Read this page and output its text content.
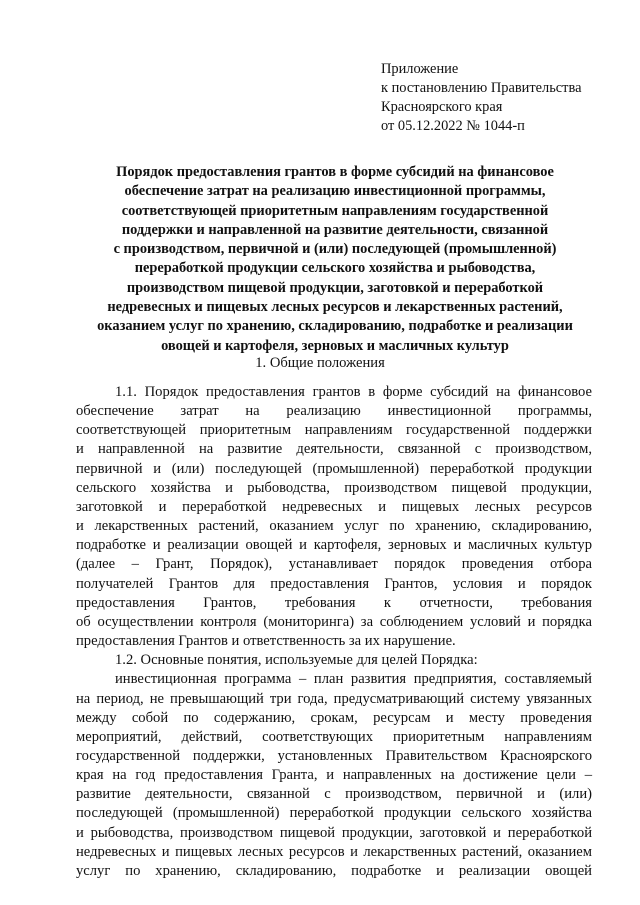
Приложение
к постановлению Правительства
Красноярского края
от 05.12.2022 № 1044-п
Порядок предоставления грантов в форме субсидий на финансовое
обеспечение затрат на реализацию инвестиционной программы,
соответствующей приоритетным направлениям государственной
поддержки и направленной на развитие деятельности, связанной
с производством, первичной и (или) последующей (промышленной)
переработкой продукции сельского хозяйства и рыбоводства,
производством пищевой продукции, заготовкой и переработкой
недревесных и пищевых лесных ресурсов и лекарственных растений,
оказанием услуг по хранению, складированию, подработке и реализации
овощей и картофеля, зерновых и масличных культур
1. Общие положения
1.1. Порядок предоставления грантов в форме субсидий на финансовое
обеспечение затрат на реализацию инвестиционной программы,
соответствующей приоритетным направлениям государственной поддержки
и направленной на развитие деятельности, связанной с производством,
первичной и (или) последующей (промышленной) переработкой продукции
сельского хозяйства и рыбоводства, производством пищевой продукции,
заготовкой и переработкой недревесных и пищевых лесных ресурсов
и лекарственных растений, оказанием услуг по хранению, складированию,
подработке и реализации овощей и картофеля, зерновых и масличных культур
(далее – Грант, Порядок), устанавливает порядок проведения отбора
получателей Грантов для предоставления Грантов, условия и порядок
предоставления Грантов, требования к отчетности, требования
об осуществлении контроля (мониторинга) за соблюдением условий и порядка
предоставления Грантов и ответственность за их нарушение.
1.2. Основные понятия, используемые для целей Порядка:
инвестиционная программа – план развития предприятия, составляемый
на период, не превышающий три года, предусматривающий систему увязанных
между собой по содержанию, срокам, ресурсам и месту проведения
мероприятий, действий, соответствующих приоритетным направлениям
государственной поддержки, установленных Правительством Красноярского
края на год предоставления Гранта, и направленных на достижение цели –
развитие деятельности, связанной с производством, первичной и (или)
последующей (промышленной) переработкой продукции сельского хозяйства
и рыбоводства, производством пищевой продукции, заготовкой и переработкой
недревесных и пищевых лесных ресурсов и лекарственных растений, оказанием
услуг по хранению, складированию, подработке и реализации овощей
